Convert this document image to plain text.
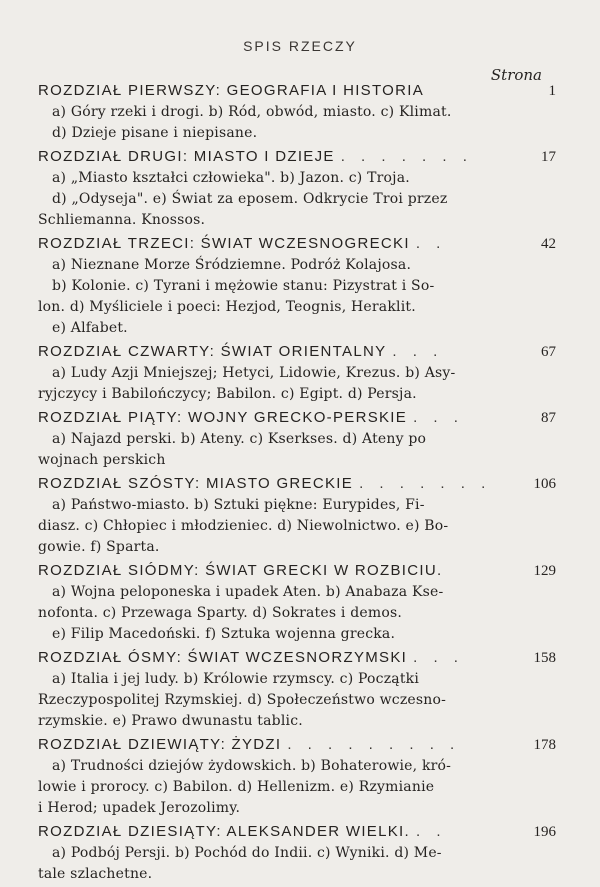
SPIS RZECZY
Strona
ROZDZIAŁ PIERWSZY: GEOGRAFIA I HISTORIA	1
a) Góry rzeki i drogi. b) Ród, obwód, miasto. c) Klimat.
d) Dzieje pisane i niepisane.
ROZDZIAŁ DRUGI: MIASTO I DZIEJE . . . . . . .	17
a) „Miasto kształci człowieka". b) Jazon. c) Troja.
d) „Odyseja". e) Świat za eposem. Odkrycie Troi przez
Schliemanna. Knossos.
ROZDZIAŁ TRZECI: ŚWIAT WCZESNOGRECKI . .	42
a) Nieznane Morze Śródziemne. Podróż Kolajosa.
b) Kolonie. c) Tyrani i mężowie stanu: Pizystrat i So-
lon. d) Myśliciele i poeci: Hezjod, Teognis, Heraklit.
e) Alfabet.
ROZDZIAŁ CZWARTY: ŚWIAT ORIENTALNY . . .	67
a) Ludy Azji Mniejszej; Hetyci, Lidowie, Krezus. b) Asy-
ryjczycy i Babilończycy; Babilon. c) Egipt. d) Persja.
ROZDZIAŁ PIĄTY: WOJNY GRECKO-PERSKIE . . .	87
a) Najazd perski. b) Ateny. c) Kserkses. d) Ateny po
wojnach perskich
ROZDZIAŁ SZÓSTY: MIASTO GRECKIE . . . . . . .	106
a) Państwo-miasto. b) Sztuki piękne: Eurypides, Fi-
diasz. c) Chłopiec i młodzieniec. d) Niewolnictwo. e) Bo-
gowie. f) Sparta.
ROZDZIAŁ SIÓDMY: ŚWIAT GRECKI W ROZBICIU.	129
a) Wojna peloponeska i upadek Aten. b) Anabaza Kse-
nofonta. c) Przewaga Sparty. d) Sokrates i demos.
e) Filip Macedoński. f) Sztuka wojenna grecka.
ROZDZIAŁ ÓSMY: ŚWIAT WCZESNORZYMSKI . . .	158
a) Italia i jej ludy. b) Królowie rzymscy. c) Początki
Rzeczypospolitej Rzymskiej. d) Społeczeństwo wczesno-
rzymskie. e) Prawo dwunastu tablic.
ROZDZIAŁ DZIEWIĄTY: ŻYDZI . . . . . . . . .	178
a) Trudności dziejów żydowskich. b) Bohaterowie, kró-
lowie i prorocy. c) Babilon. d) Hellenizm. e) Rzymianie
i Herod; upadek Jerozolimy.
ROZDZIAŁ DZIESIĄTY: ALEKSANDER WIELKI. . .	196
a) Podbój Persji. b) Pochód do Indii. c) Wyniki. d) Me-
tale szlachetne.
